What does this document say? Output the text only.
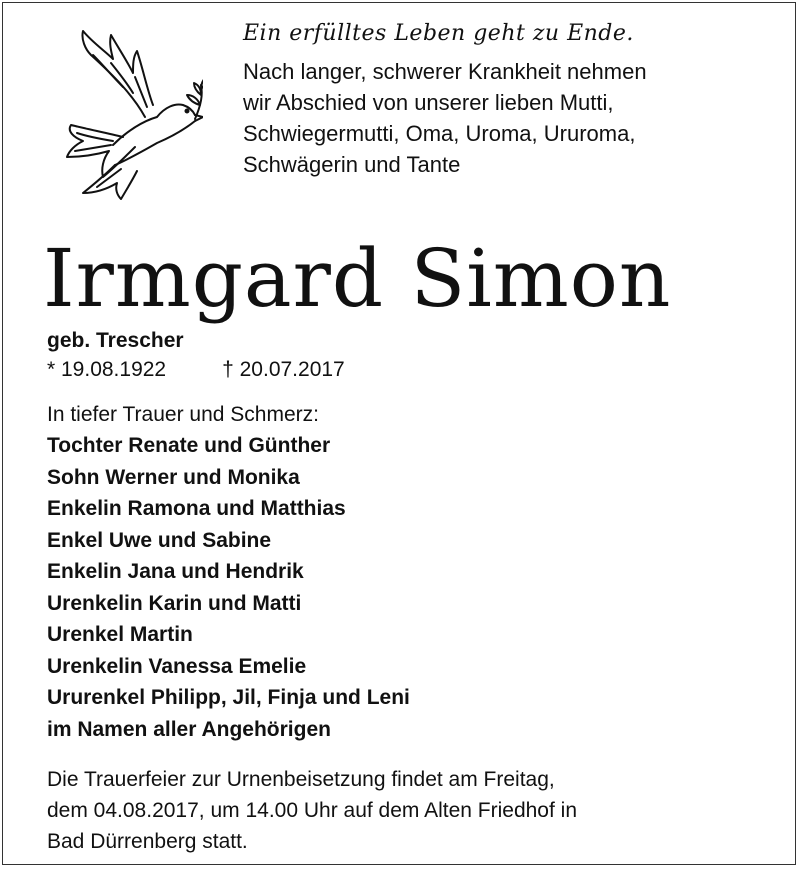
Ein erfülltes Leben geht zu Ende.
Nach langer, schwerer Krankheit nehmen
wir Abschied von unserer lieben Mutti,
Schwiegermutti, Oma, Uroma, Ururoma,
Schwägerin und Tante
Irmgard Simon
geb. Trescher
* 19.08.1922	† 20.07.2017
In tiefer Trauer und Schmerz:
Tochter Renate und Günther
Sohn Werner und Monika
Enkelin Ramona und Matthias
Enkel Uwe und Sabine
Enkelin Jana und Hendrik
Urenkelin Karin und Matti
Urenkel Martin
Urenkelin Vanessa Emelie
Ururenkel Philipp, Jil, Finja und Leni
im Namen aller Angehörigen
Die Trauerfeier zur Urnenbeisetzung findet am Freitag,
dem 04.08.2017, um 14.00 Uhr auf dem Alten Friedhof in
Bad Dürrenberg statt.
